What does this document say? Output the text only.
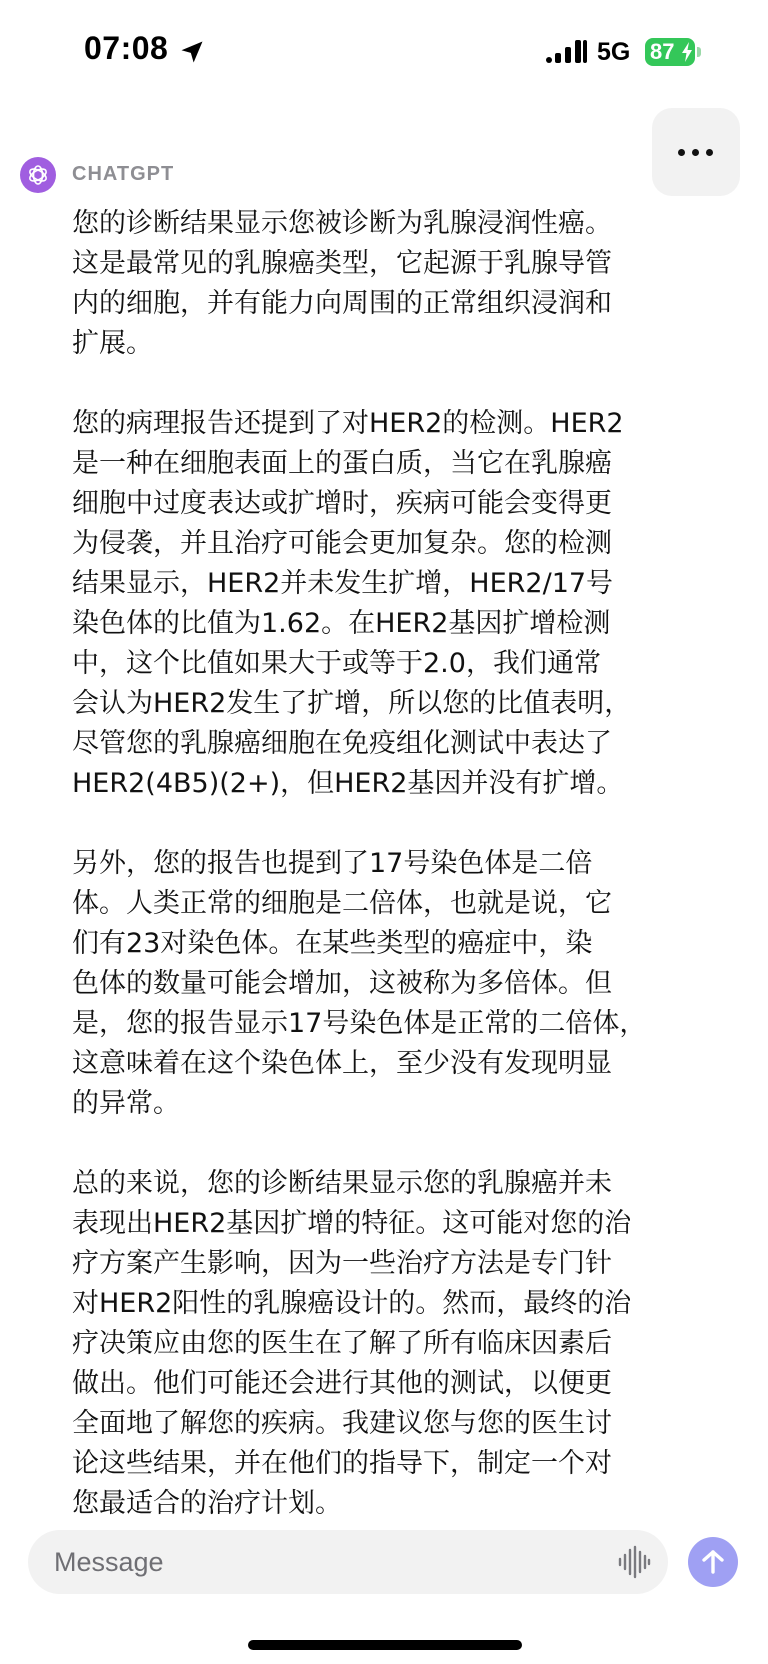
07:08	5G 87
CHATGPT

您的诊断结果显示您被诊断为乳腺浸润性癌。
这是最常见的乳腺癌类型，它起源于乳腺导管
内的细胞，并有能力向周围的正常组织浸润和
扩展。

您的病理报告还提到了对HER2的检测。HER2
是一种在细胞表面上的蛋白质，当它在乳腺癌
细胞中过度表达或扩增时，疾病可能会变得更
为侵袭，并且治疗可能会更加复杂。您的检测
结果显示，HER2并未发生扩增，HER2/17号
染色体的比值为1.62。在HER2基因扩增检测
中，这个比值如果大于或等于2.0，我们通常
会认为HER2发生了扩增，所以您的比值表明，
尽管您的乳腺癌细胞在免疫组化测试中表达了
HER2(4B5)(2+)，但HER2基因并没有扩增。

另外，您的报告也提到了17号染色体是二倍
体。人类正常的细胞是二倍体，也就是说，它
们有23对染色体。在某些类型的癌症中，染
色体的数量可能会增加，这被称为多倍体。但
是，您的报告显示17号染色体是正常的二倍体，
这意味着在这个染色体上，至少没有发现明显
的异常。

总的来说，您的诊断结果显示您的乳腺癌并未
表现出HER2基因扩增的特征。这可能对您的治
疗方案产生影响，因为一些治疗方法是专门针
对HER2阳性的乳腺癌设计的。然而，最终的治
疗决策应由您的医生在了解了所有临床因素后
做出。他们可能还会进行其他的测试，以便更
全面地了解您的疾病。我建议您与您的医生讨
论这些结果，并在他们的指导下，制定一个对
您最适合的治疗计划。

Message
